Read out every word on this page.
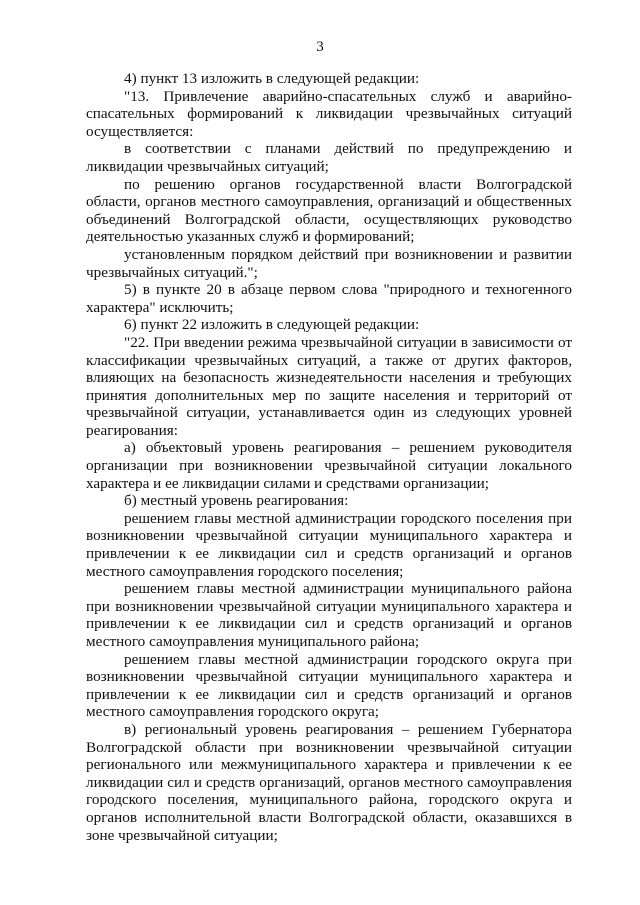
3

4) пункт 13 изложить в следующей редакции:

"13. Привлечение аварийно-спасательных служб и аварийно-спасательных формирований к ликвидации чрезвычайных ситуаций осуществляется:

в соответствии с планами действий по предупреждению и ликвидации чрезвычайных ситуаций;

по решению органов государственной власти Волгоградской области, органов местного самоуправления, организаций и общественных объединений Волгоградской области, осуществляющих руководство деятельностью указанных служб и формирований;

установленным порядком действий при возникновении и развитии чрезвычайных ситуаций.";

5) в пункте 20 в абзаце первом слова "природного и техногенного характера" исключить;

6) пункт 22 изложить в следующей редакции:

"22. При введении режима чрезвычайной ситуации в зависимости от классификации чрезвычайных ситуаций, а также от других факторов, влияющих на безопасность жизнедеятельности населения и требующих принятия дополнительных мер по защите населения и территорий от чрезвычайной ситуации, устанавливается один из следующих уровней реагирования:

а) объектовый уровень реагирования – решением руководителя организации при возникновении чрезвычайной ситуации локального характера и ее ликвидации силами и средствами организации;

б) местный уровень реагирования:

решением главы местной администрации городского поселения при возникновении чрезвычайной ситуации муниципального характера и привлечении к ее ликвидации сил и средств организаций и органов местного самоуправления городского поселения;

решением главы местной администрации муниципального района при возникновении чрезвычайной ситуации муниципального характера и привлечении к ее ликвидации сил и средств организаций и органов местного самоуправления муниципального района;

решением главы местной администрации городского округа при возникновении чрезвычайной ситуации муниципального характера и привлечении к ее ликвидации сил и средств организаций и органов местного самоуправления городского округа;

в) региональный уровень реагирования – решением Губернатора Волгоградской области при возникновении чрезвычайной ситуации регионального или межмуниципального характера и привлечении к ее ликвидации сил и средств организаций, органов местного самоуправления городского поселения, муниципального района, городского округа и органов исполнительной власти Волгоградской области, оказавшихся в зоне чрезвычайной ситуации;
